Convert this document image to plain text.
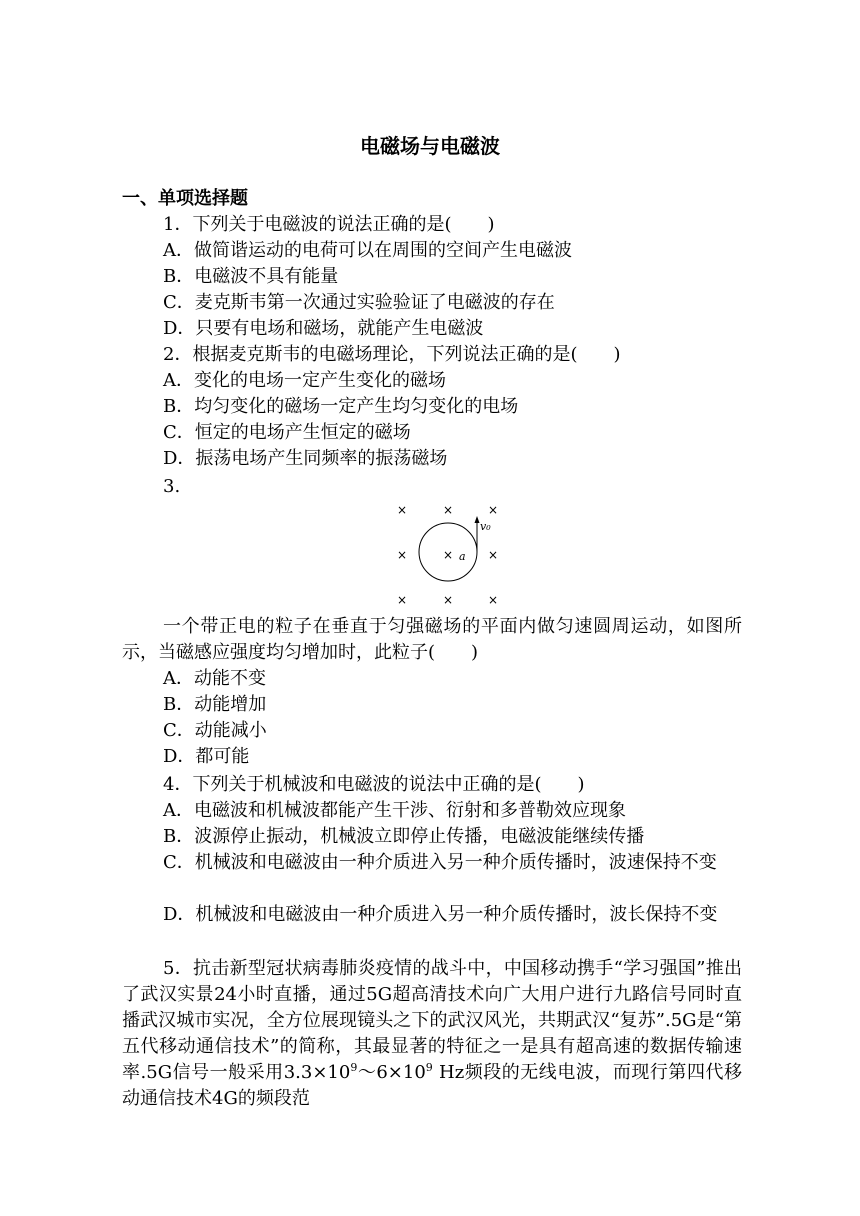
电磁场与电磁波
一、单项选择题
1．下列关于电磁波的说法正确的是(　　)
A．做简谐运动的电荷可以在周围的空间产生电磁波
B．电磁波不具有能量
C．麦克斯韦第一次通过实验验证了电磁波的存在
D．只要有电场和磁场，就能产生电磁波
2．根据麦克斯韦的电磁场理论，下列说法正确的是(　　)
A．变化的电场一定产生变化的磁场
B．均匀变化的磁场一定产生均匀变化的电场
C．恒定的电场产生恒定的磁场
D．振荡电场产生同频率的振荡磁场
3.
×	×	×
×	×	×
×	×	×
v₀
a
一个带正电的粒子在垂直于匀强磁场的平面内做匀速圆周运动，如图所示，当磁感应强度均匀增加时，此粒子(　　)
A．动能不变
B．动能增加
C．动能减小
D．都可能
4．下列关于机械波和电磁波的说法中正确的是(　　)
A．电磁波和机械波都能产生干涉、衍射和多普勒效应现象
B．波源停止振动，机械波立即停止传播，电磁波能继续传播
C．机械波和电磁波由一种介质进入另一种介质传播时，波速保持不变
D．机械波和电磁波由一种介质进入另一种介质传播时，波长保持不变
5．抗击新型冠状病毒肺炎疫情的战斗中，中国移动携手“学习强国”推出了武汉实景24小时直播，通过5G超高清技术向广大用户进行九路信号同时直播武汉城市实况，全方位展现镜头之下的武汉风光，共期武汉“复苏”.5G是“第五代移动通信技术”的简称，其最显著的特征之一是具有超高速的数据传输速率.5G信号一般采用$3.3\times 10^9\sim 6\times 10^9$ Hz频段的无线电波，而现行第四代移动通信技术4G的频段范
